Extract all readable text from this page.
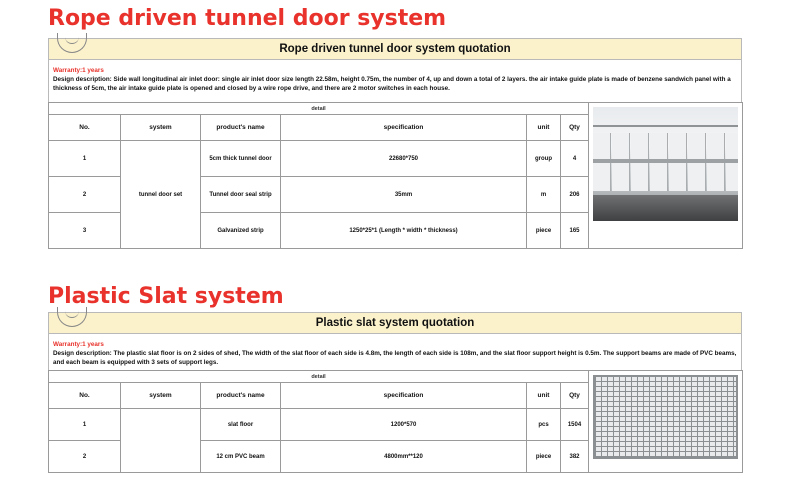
Rope driven tunnel door system
Rope driven tunnel door system quotation
Warranty:1 years
Design description: Side wall longitudinal air inlet door: single air inlet door size length 22.58m, height 0.75m, the number of 4, up and down a total of 2 layers. the air intake guide plate is made of benzene sandwich panel with a thickness of 5cm, the air intake guide plate is opened and closed by a wire rope drive, and there are 2 motor switches in each house.
detail						

No.	system	product's name	specification	unit	Qty	
1	tunnel door set	5cm thick tunnel door	22680*750	group	4	
2		Tunnel door seal strip	35mm	m	206	
3		Galvanized strip	1250*25*1 (Length * width * thickness)	piece	165	
Plastic Slat system
Plastic slat system quotation
Warranty:1 years
Design description: The plastic slat floor is on 2 sides of shed, The width of the slat floor of each side is 4.8m, the length of each side is 108m, and the slat floor support height is 0.5m. The support beams are made of PVC beams, and each beam is equipped with 3 sets of support legs.
detail						

No.	system	product's name	specification	unit	Qty	
1		slat floor	1200*570	pcs	1504	
2		12 cm PVC beam	4800mm**120	piece	382	
